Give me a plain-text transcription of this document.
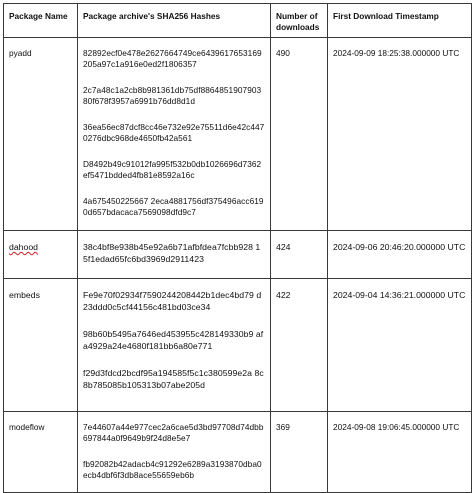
Package Name	Package archive's SHA256 Hashes	Number of downloads	First Download Timestamp
pyadd	82892ecf0e478e2627664749ce6439617653169205a97c1a916e0ed2f1806357
2c7a48c1a2cb8b981361db75df8864851907903 80f678f3957a6991b76dd8d1d
36ea56ec87dcf8cc46e732e92e75511d6e42c447 0276dbc968de4650fb42a561
D8492b49c91012fa995f532b0db1026696d7362 ef5471bdded4fb81e8592a16c
4a675450225667 2eca4881756df375496acc6190d657bdacaca7569098dfd9c7	490	2024-09-09 18:25:38.000000 UTC
dahood	38c4bf8e938b45e92a6b71afbfdea7fcbb928 15f1edad65fc6bd3969d2911423	424	2024-09-06 20:46:20.000000 UTC
embeds	Fe9e70f02934f7590244208442b1dec4bd79 d23ddd0c5cf44156c481bd03ce34
98b60b5495a7646ed453955c428149330b9 afa4929a24e4680f181bb6a80e771
f29d3fdcd2bcdf95a194585f5c1c380599e2a 8c8b785085b105313b07abe205d	422	2024-09-04 14:36:21.000000 UTC
modeflow	7e44607a44e977cec2a6cae5d3bd97708d74dbb 697844a0f9649b9f24d8e5e7
fb92082b42adacb4c91292e6289a3193870dba0 ecb4dbf6f3db8ace55659eb6b	369	2024-09-08 19:06:45.000000 UTC
